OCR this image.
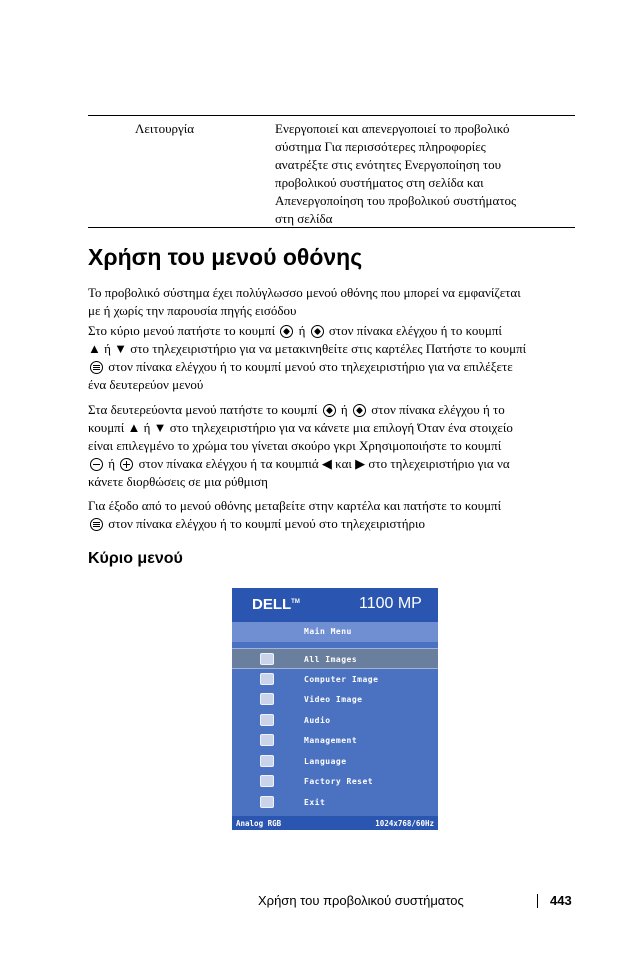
Λειτουργία	Ενεργοποιεί και απενεργοποιεί το προβολικό
σύστημα Για περισσότερες πληροφορίες
ανατρέξτε στις ενότητες Ενεργοποίηση του
προβολικού συστήματος στη σελίδα και
Απενεργοποίηση του προβολικού συστήματος
στη σελίδα
Χρήση του μενού οθόνης
Το προβολικό σύστημα έχει πολύγλωσσο μενού οθόνης που μπορεί να εμφανίζεται
με ή χωρίς την παρουσία πηγής εισόδου
Στο κύριο μενού πατήστε το κουμπί  ή  στον πίνακα ελέγχου ή το κουμπί
▲ ή ▼ στο τηλεχειριστήριο για να μετακινηθείτε στις καρτέλες Πατήστε το κουμπί
στον πίνακα ελέγχου ή το κουμπί μενού στο τηλεχειριστήριο για να επιλέξετε
ένα δευτερεύον μενού
Στα δευτερεύοντα μενού πατήστε το κουμπί  ή  στον πίνακα ελέγχου ή το
κουμπί ▲ ή ▼ στο τηλεχειριστήριο για να κάνετε μια επιλογή Όταν ένα στοιχείο
είναι επιλεγμένο το χρώμα του γίνεται σκούρο γκρι Χρησιμοποιήστε το κουμπί
ή  στον πίνακα ελέγχου ή τα κουμπιά ◀ και ▶ στο τηλεχειριστήριο για να
κάνετε διορθώσεις σε μια ρύθμιση
Για έξοδο από το μενού οθόνης μεταβείτε στην καρτέλα και πατήστε το κουμπί
στον πίνακα ελέγχου ή το κουμπί μενού στο τηλεχειριστήριο
Κύριο μενού
DELL™	1100 MP
Main Menu
All Images
Computer Image
Video Image
Audio
Management
Language
Factory Reset
Exit
Analog RGB	1024x768/60Hz
Χρήση του προβολικού συστήματος	443
